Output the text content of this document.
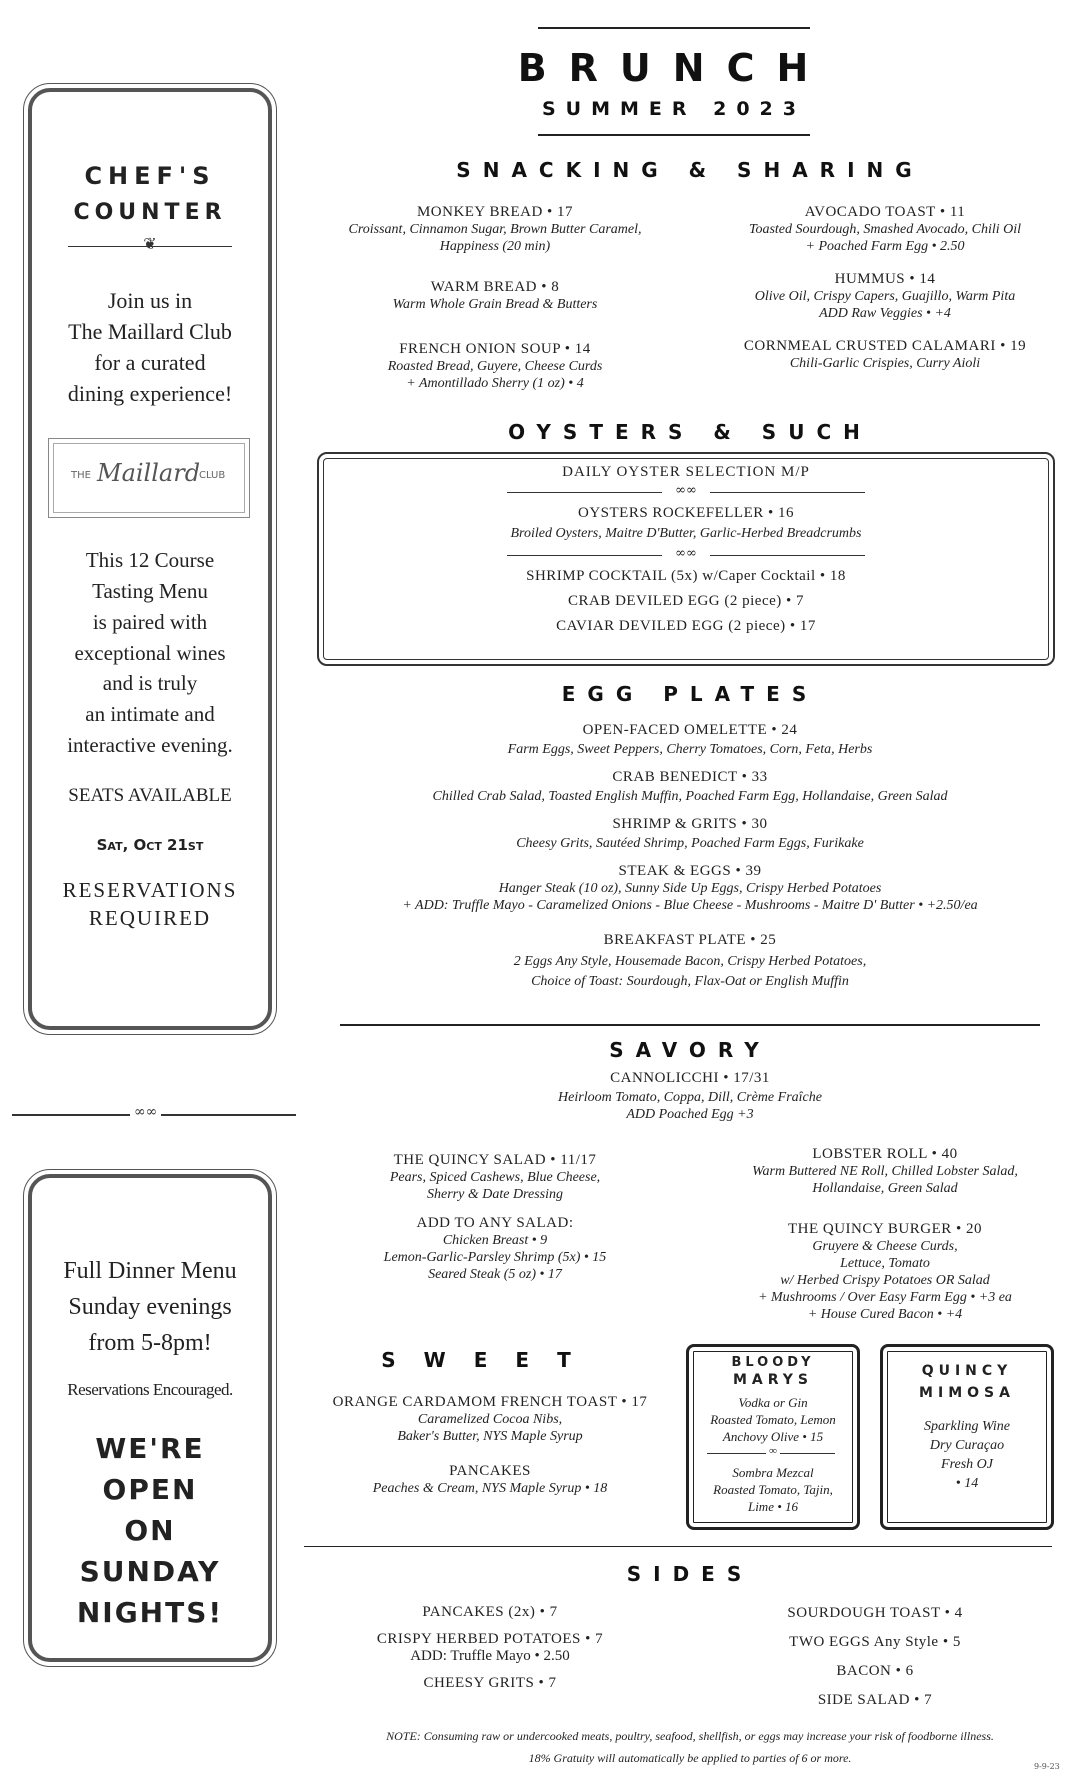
BRUNCH
SUMMER 2023
CHEF'S
COUNTER
❦
Join us in
The Maillard Club
for a curated
dining experience!
THE Maillard
CLUB
This 12 Course
Tasting Menu
is paired with
exceptional wines
and is truly
an intimate and
interactive evening.
SEATS AVAILABLE
Sat, Oct 21st
RESERVATIONS
REQUIRED
∞∞
Full Dinner Menu
Sunday evenings
from 5-8pm!
Reservations Encouraged.
WE'RE
OPEN
ON
SUNDAY
NIGHTS!
SNACKING & SHARING
MONKEY BREAD • 17
Croissant, Cinnamon Sugar, Brown Butter Caramel,
Happiness (20 min)
WARM BREAD • 8
Warm Whole Grain Bread & Butters
FRENCH ONION SOUP • 14
Roasted Bread, Guyere, Cheese Curds
+ Amontillado Sherry (1 oz) • 4
AVOCADO TOAST • 11
Toasted Sourdough, Smashed Avocado, Chili Oil
+ Poached Farm Egg • 2.50
HUMMUS • 14
Olive Oil, Crispy Capers, Guajillo, Warm Pita
ADD Raw Veggies • +4
CORNMEAL CRUSTED CALAMARI • 19
Chili-Garlic Crispies, Curry Aioli
OYSTERS & SUCH
DAILY OYSTER SELECTION M/P
∞∞
OYSTERS ROCKEFELLER • 16
Broiled Oysters, Maitre D'Butter, Garlic-Herbed Breadcrumbs
∞∞
SHRIMP COCKTAIL (5x) w/Caper Cocktail • 18
CRAB DEVILED EGG (2 piece) • 7
CAVIAR DEVILED EGG (2 piece) • 17
EGG PLATES
OPEN-FACED OMELETTE • 24
Farm Eggs, Sweet Peppers, Cherry Tomatoes, Corn, Feta, Herbs
CRAB BENEDICT • 33
Chilled Crab Salad, Toasted English Muffin, Poached Farm Egg, Hollandaise, Green Salad
SHRIMP & GRITS • 30
Cheesy Grits, Sautéed Shrimp, Poached Farm Eggs, Furikake
STEAK & EGGS • 39
Hanger Steak (10 oz), Sunny Side Up Eggs, Crispy Herbed Potatoes
+ ADD: Truffle Mayo - Caramelized Onions - Blue Cheese - Mushrooms - Maitre D' Butter • +2.50/ea
BREAKFAST PLATE • 25
2 Eggs Any Style, Housemade Bacon, Crispy Herbed Potatoes,
Choice of Toast: Sourdough, Flax-Oat or English Muffin
SAVORY
CANNOLICCHI • 17/31
Heirloom Tomato, Coppa, Dill, Crème Fraîche
ADD Poached Egg +3
THE QUINCY SALAD • 11/17
Pears, Spiced Cashews, Blue Cheese,
Sherry & Date Dressing
ADD TO ANY SALAD:
Chicken Breast • 9
Lemon-Garlic-Parsley Shrimp (5x) • 15
Seared Steak (5 oz) • 17
LOBSTER ROLL • 40
Warm Buttered NE Roll, Chilled Lobster Salad,
Hollandaise, Green Salad
THE QUINCY BURGER • 20
Gruyere & Cheese Curds,
Lettuce, Tomato
w/ Herbed Crispy Potatoes OR Salad
+ Mushrooms / Over Easy Farm Egg • +3 ea
+ House Cured Bacon • +4
SWEET
ORANGE CARDAMOM FRENCH TOAST • 17
Caramelized Cocoa Nibs,
Baker's Butter, NYS Maple Syrup
PANCAKES
Peaches & Cream, NYS Maple Syrup • 18
BLOODY
MARYS
Vodka or Gin
Roasted Tomato, Lemon
Anchovy Olive • 15
∞
Sombra Mezcal
Roasted Tomato, Tajin,
Lime • 16
QUINCY
MIMOSA
Sparkling Wine
Dry Curaçao
Fresh OJ
• 14
SIDES
PANCAKES (2x) • 7
CRISPY HERBED POTATOES • 7
ADD: Truffle Mayo • 2.50
CHEESY GRITS • 7
SOURDOUGH TOAST • 4
TWO EGGS Any Style • 5
BACON • 6
SIDE SALAD • 7
NOTE: Consuming raw or undercooked meats, poultry, seafood, shellfish, or eggs may increase your risk of foodborne illness.
18% Gratuity will automatically be applied to parties of 6 or more.
9-9-23
